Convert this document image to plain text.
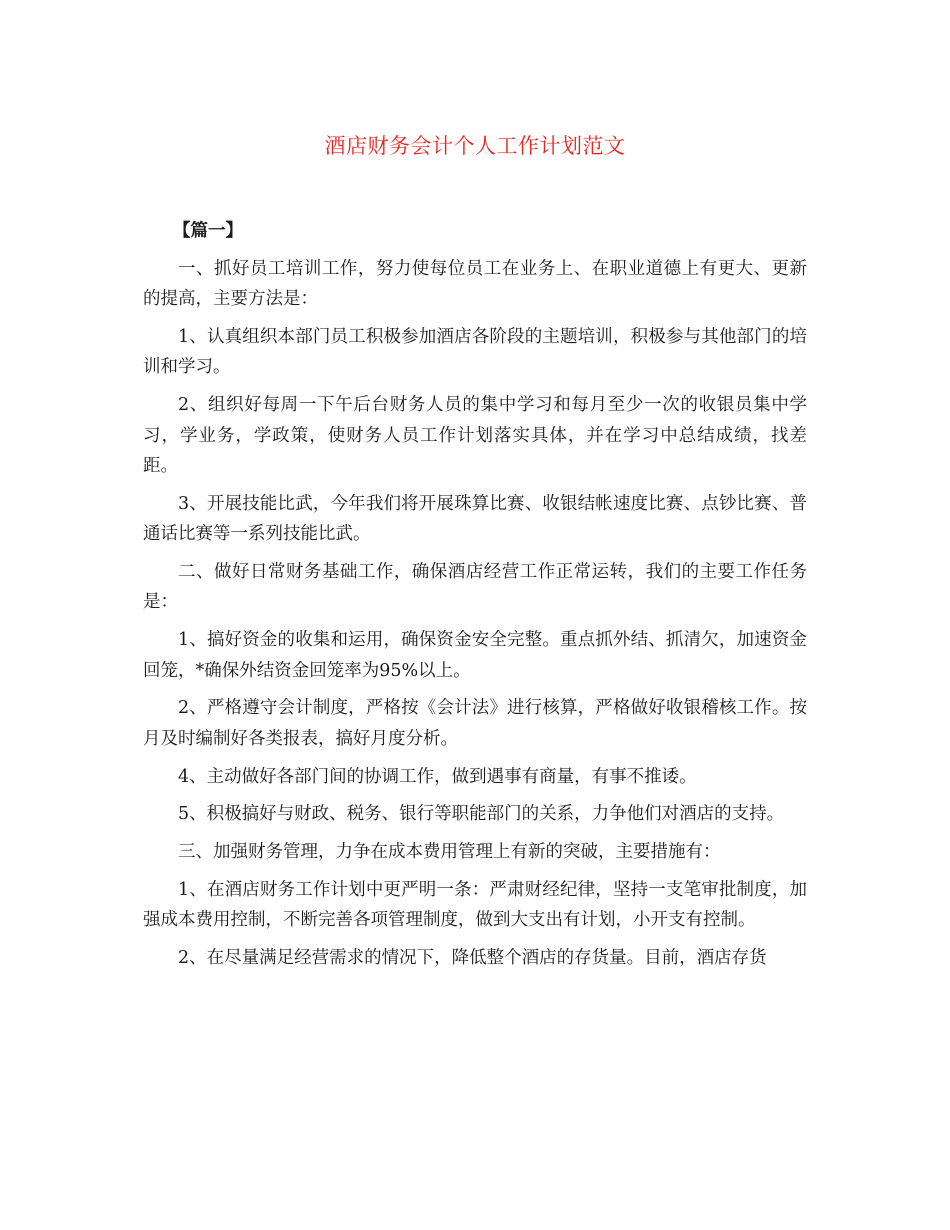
酒店财务会计个人工作计划范文

【篇一】

一、抓好员工培训工作，努力使每位员工在业务上、在职业道德上有更大、更新的提高，主要方法是：

1、认真组织本部门员工积极参加酒店各阶段的主题培训，积极参与其他部门的培训和学习。

2、组织好每周一下午后台财务人员的集中学习和每月至少一次的收银员集中学习，学业务，学政策，使财务人员工作计划落实具体，并在学习中总结成绩，找差距。

3、开展技能比武，今年我们将开展珠算比赛、收银结帐速度比赛、点钞比赛、普通话比赛等一系列技能比武。

二、做好日常财务基础工作，确保酒店经营工作正常运转，我们的主要工作任务是：

1、搞好资金的收集和运用，确保资金安全完整。重点抓外结、抓清欠，加速资金回笼，*确保外结资金回笼率为95%以上。

2、严格遵守会计制度，严格按《会计法》进行核算，严格做好收银稽核工作。按月及时编制好各类报表，搞好月度分析。

4、主动做好各部门间的协调工作，做到遇事有商量，有事不推诿。

5、积极搞好与财政、税务、银行等职能部门的关系，力争他们对酒店的支持。

三、加强财务管理，力争在成本费用管理上有新的突破，主要措施有：

1、在酒店财务工作计划中更严明一条：严肃财经纪律，坚持一支笔审批制度，加强成本费用控制，不断完善各项管理制度，做到大支出有计划，小开支有控制。

2、在尽量满足经营需求的情况下，降低整个酒店的存货量。目前，酒店存货
